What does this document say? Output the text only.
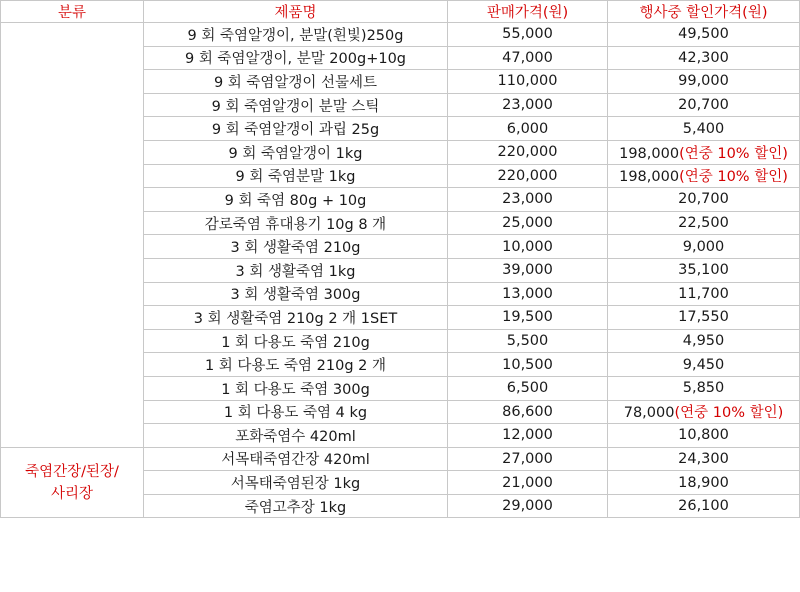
분류	제품명	판매가격(원)	행사중 할인가격(원)
	9 회 죽염알갱이, 분말(흰빛)250g	55,000	49,500
	9 회 죽염알갱이, 분말 200g+10g	47,000	42,300
	9 회 죽염알갱이 선물세트	110,000	99,000
	9 회 죽염알갱이 분말 스틱	23,000	20,700
	9 회 죽염알갱이 과립 25g	6,000	5,400
	9 회 죽염알갱이 1kg	220,000	198,000(연중 10% 할인)
	9 회 죽염분말 1kg	220,000	198,000(연중 10% 할인)
	9 회 죽염 80g + 10g	23,000	20,700
	감로죽염 휴대용기 10g 8 개	25,000	22,500
	3 회 생활죽염 210g	10,000	9,000
	3 회 생활죽염 1kg	39,000	35,100
	3 회 생활죽염 300g	13,000	11,700
	3 회 생활죽염 210g 2 개 1SET	19,500	17,550
	1 회 다용도 죽염 210g	5,500	4,950
	1 회 다용도 죽염 210g 2 개	10,500	9,450
	1 회 다용도 죽염 300g	6,500	5,850
	1 회 다용도 죽염 4 kg	86,600	78,000(연중 10% 할인)
	포화죽염수 420ml	12,000	10,800
죽염간장/된장/
사리장	서목태죽염간장 420ml	27,000	24,300
	서목태죽염된장 1kg	21,000	18,900
	죽염고추장 1kg	29,000	26,100
